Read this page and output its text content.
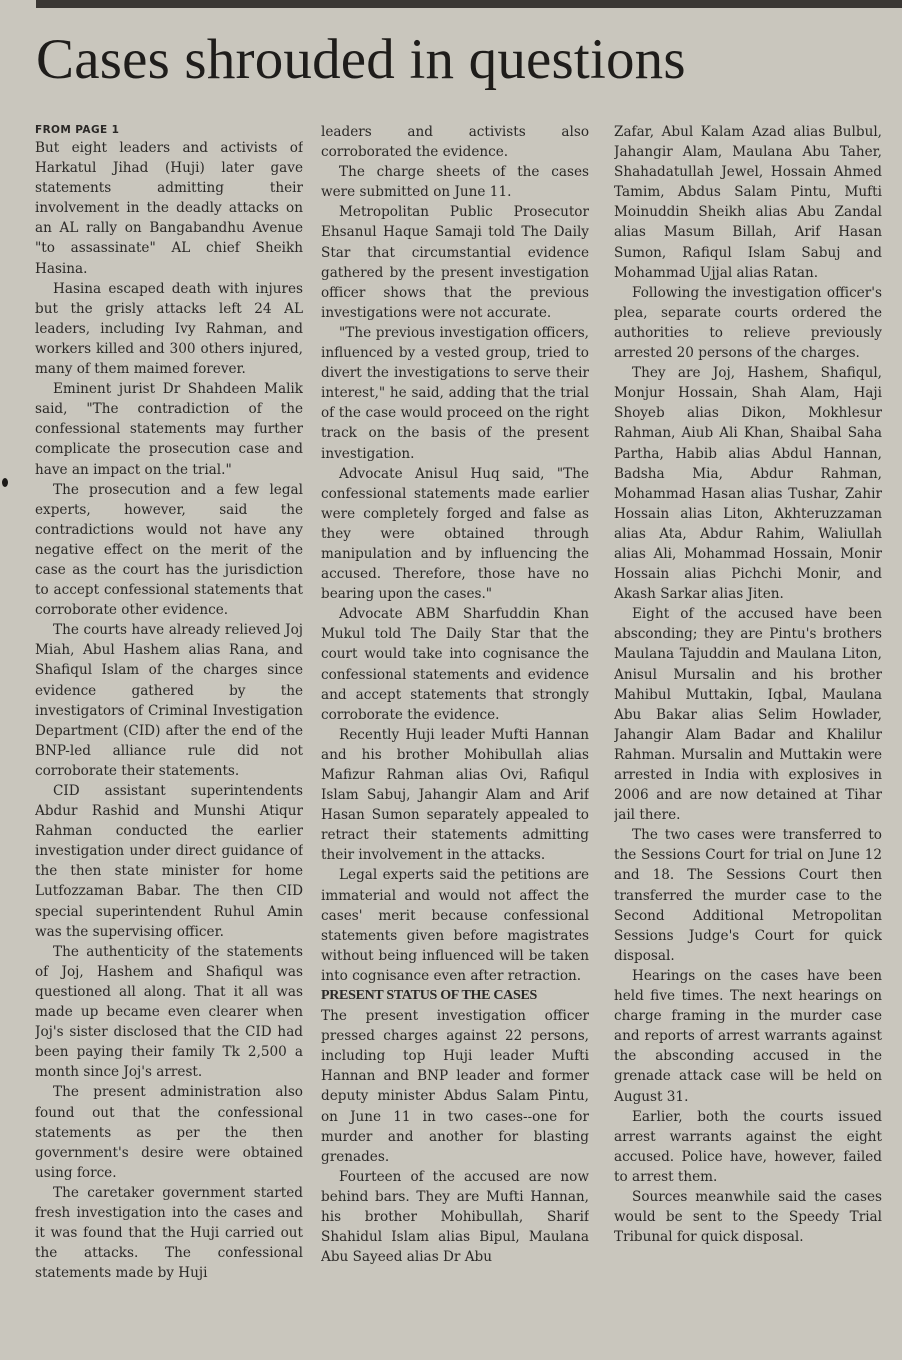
Cases shrouded in questions
FROM PAGE 1

But eight leaders and activists of Harkatul Jihad (Huji) later gave statements admitting their involvement in the deadly attacks on an AL rally on Bangabandhu Avenue "to assassinate" AL chief Sheikh Hasina.

Hasina escaped death with injures but the grisly attacks left 24 AL leaders, including Ivy Rahman, and workers killed and 300 others injured, many of them maimed forever.

Eminent jurist Dr Shahdeen Malik said, "The contradiction of the confessional statements may further complicate the prosecution case and have an impact on the trial."

The prosecution and a few legal experts, however, said the contradictions would not have any negative effect on the merit of the case as the court has the jurisdiction to accept confessional statements that corroborate other evidence.

The courts have already relieved Joj Miah, Abul Hashem alias Rana, and Shafiqul Islam of the charges since evidence gathered by the investigators of Criminal Investigation Department (CID) after the end of the BNP-led alliance rule did not corroborate their statements.

CID assistant superintendents Abdur Rashid and Munshi Atiqur Rahman conducted the earlier investigation under direct guidance of the then state minister for home Lutfozzaman Babar. The then CID special superintendent Ruhul Amin was the supervising officer.

The authenticity of the statements of Joj, Hashem and Shafiqul was questioned all along. That it all was made up became even clearer when Joj's sister disclosed that the CID had been paying their family Tk 2,500 a month since Joj's arrest.

The present administration also found out that the confessional statements as per the then government's desire were obtained using force.

The caretaker government started fresh investigation into the cases and it was found that the Huji carried out the attacks. The confessional statements made by Huji

leaders and activists also corroborated the evidence.

The charge sheets of the cases were submitted on June 11.

Metropolitan Public Prosecutor Ehsanul Haque Samaji told The Daily Star that circumstantial evidence gathered by the present investigation officer shows that the previous investigations were not accurate.

"The previous investigation officers, influenced by a vested group, tried to divert the investigations to serve their interest," he said, adding that the trial of the case would proceed on the right track on the basis of the present investigation.

Advocate Anisul Huq said, "The confessional statements made earlier were completely forged and false as they were obtained through manipulation and by influencing the accused. Therefore, those have no bearing upon the cases."

Advocate ABM Sharfuddin Khan Mukul told The Daily Star that the court would take into cognisance the confessional statements and evidence and accept statements that strongly corroborate the evidence.

Recently Huji leader Mufti Hannan and his brother Mohibullah alias Mafizur Rahman alias Ovi, Rafiqul Islam Sabuj, Jahangir Alam and Arif Hasan Sumon separately appealed to retract their statements admitting their involvement in the attacks.

Legal experts said the petitions are immaterial and would not affect the cases' merit because confessional statements given before magistrates without being influenced will be taken into cognisance even after retraction.

PRESENT STATUS OF THE CASES

The present investigation officer pressed charges against 22 persons, including top Huji leader Mufti Hannan and BNP leader and former deputy minister Abdus Salam Pintu, on June 11 in two cases--one for murder and another for blasting grenades.

Fourteen of the accused are now behind bars. They are Mufti Hannan, his brother Mohibullah, Sharif Shahidul Islam alias Bipul, Maulana Abu Sayeed alias Dr Abu

Zafar, Abul Kalam Azad alias Bulbul, Jahangir Alam, Maulana Abu Taher, Shahadatullah Jewel, Hossain Ahmed Tamim, Abdus Salam Pintu, Mufti Moinuddin Sheikh alias Abu Zandal alias Masum Billah, Arif Hasan Sumon, Rafiqul Islam Sabuj and Mohammad Ujjal alias Ratan.

Following the investigation officer's plea, separate courts ordered the authorities to relieve previously arrested 20 persons of the charges.

They are Joj, Hashem, Shafiqul, Monjur Hossain, Shah Alam, Haji Shoyeb alias Dikon, Mokhlesur Rahman, Aiub Ali Khan, Shaibal Saha Partha, Habib alias Abdul Hannan, Badsha Mia, Abdur Rahman, Mohammad Hasan alias Tushar, Zahir Hossain alias Liton, Akhteruzzaman alias Ata, Abdur Rahim, Waliullah alias Ali, Mohammad Hossain, Monir Hossain alias Pichchi Monir, and Akash Sarkar alias Jiten.

Eight of the accused have been absconding; they are Pintu's brothers Maulana Tajuddin and Maulana Liton, Anisul Mursalin and his brother Mahibul Muttakin, Iqbal, Maulana Abu Bakar alias Selim Howlader, Jahangir Alam Badar and Khalilur Rahman. Mursalin and Muttakin were arrested in India with explosives in 2006 and are now detained at Tihar jail there.

The two cases were transferred to the Sessions Court for trial on June 12 and 18. The Sessions Court then transferred the murder case to the Second Additional Metropolitan Sessions Judge's Court for quick disposal.

Hearings on the cases have been held five times. The next hearings on charge framing in the murder case and reports of arrest warrants against the absconding accused in the grenade attack case will be held on August 31.

Earlier, both the courts issued arrest warrants against the eight accused. Police have, however, failed to arrest them.

Sources meanwhile said the cases would be sent to the Speedy Trial Tribunal for quick disposal.
